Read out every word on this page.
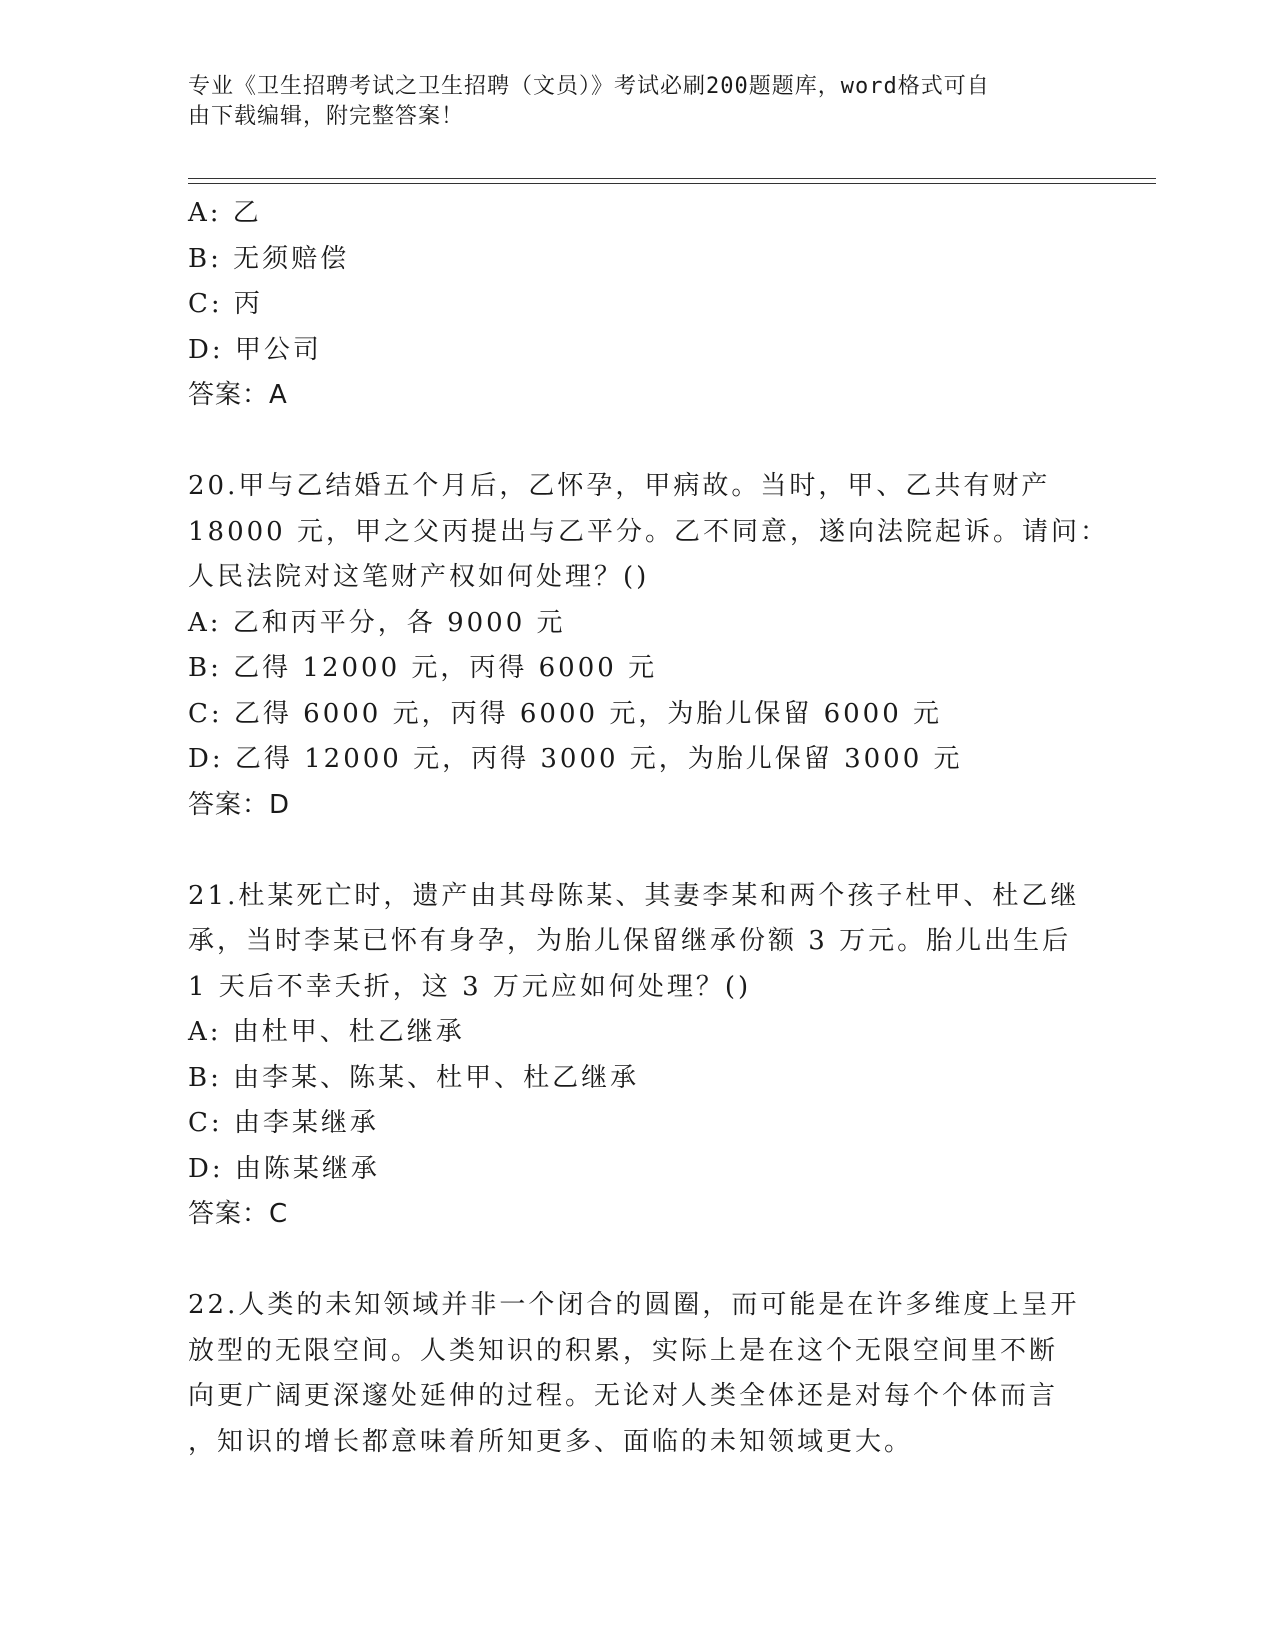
专业《卫生招聘考试之卫生招聘（文员）》考试必刷200题题库，word格式可自
由下载编辑，附完整答案！
A: 乙
B: 无须赔偿
C: 丙
D: 甲公司
答案：A
20.甲与乙结婚五个月后，乙怀孕，甲病故。当时，甲、乙共有财产
18000 元，甲之父丙提出与乙平分。乙不同意，遂向法院起诉。请问：
人民法院对这笔财产权如何处理？()
A: 乙和丙平分，各 9000 元
B: 乙得 12000 元，丙得 6000 元
C: 乙得 6000 元，丙得 6000 元，为胎儿保留 6000 元
D: 乙得 12000 元，丙得 3000 元，为胎儿保留 3000 元
答案：D
21.杜某死亡时，遗产由其母陈某、其妻李某和两个孩子杜甲、杜乙继
承，当时李某已怀有身孕，为胎儿保留继承份额 3 万元。胎儿出生后
1 天后不幸夭折，这 3 万元应如何处理？()
A: 由杜甲、杜乙继承
B: 由李某、陈某、杜甲、杜乙继承
C: 由李某继承
D: 由陈某继承
答案：C
22.人类的未知领域并非一个闭合的圆圈，而可能是在许多维度上呈开
放型的无限空间。人类知识的积累，实际上是在这个无限空间里不断
向更广阔更深邃处延伸的过程。无论对人类全体还是对每个个体而言
，知识的增长都意味着所知更多、面临的未知领域更大。
